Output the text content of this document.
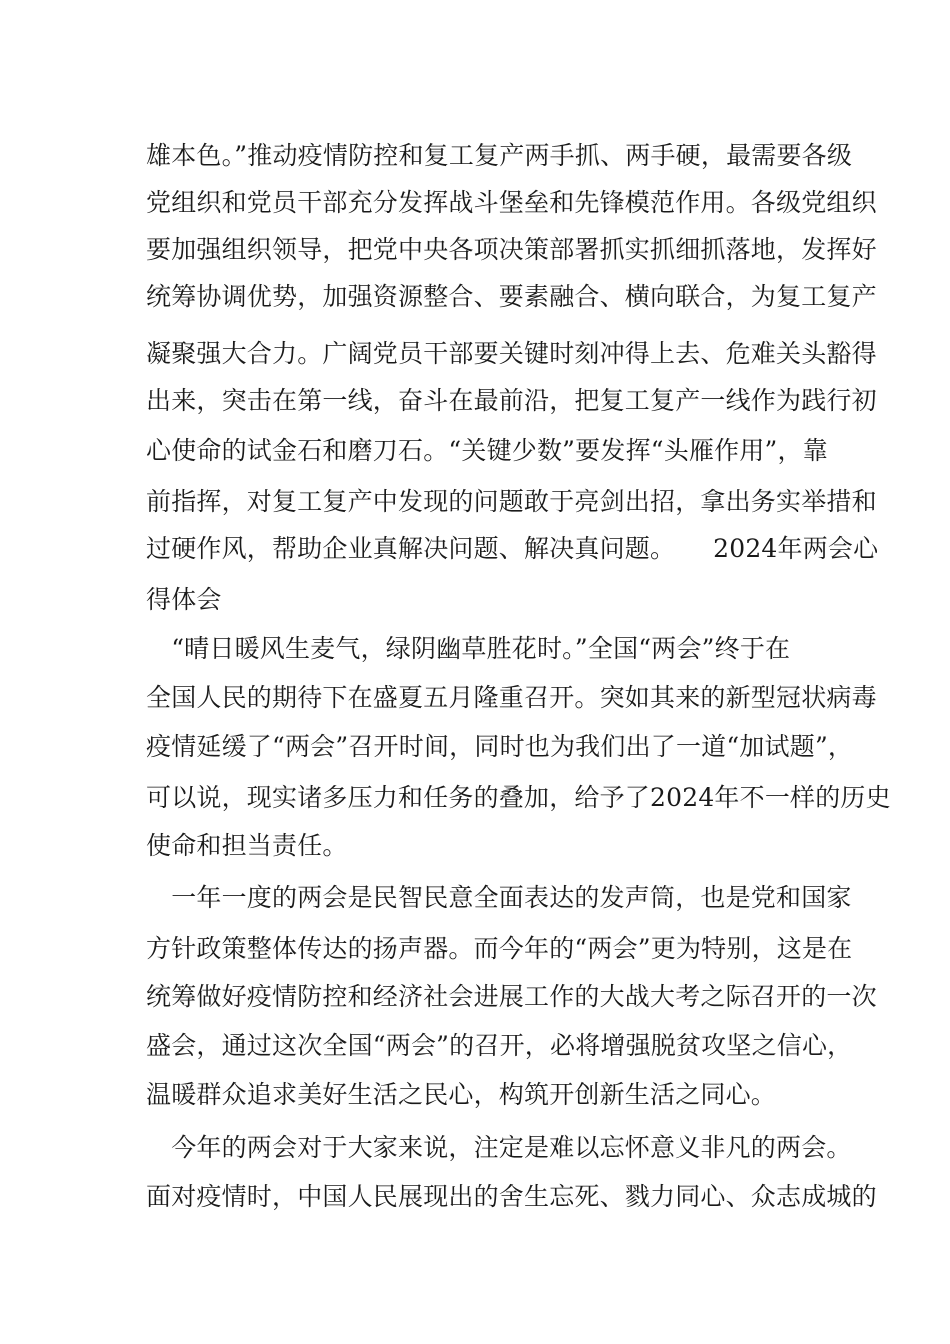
雄本色。”推动疫情防控和复工复产两手抓、两手硬，最需要各级
党组织和党员干部充分发挥战斗堡垒和先锋模范作用。各级党组织
要加强组织领导，把党中央各项决策部署抓实抓细抓落地，发挥好
统筹协调优势，加强资源整合、要素融合、横向联合，为复工复产
凝聚强大合力。广阔党员干部要关键时刻冲得上去、危难关头豁得
出来，突击在第一线，奋斗在最前沿，把复工复产一线作为践行初
心使命的试金石和磨刀石。“关键少数”要发挥“头雁作用”，靠
前指挥，对复工复产中发现的问题敢于亮剑出招，拿出务实举措和
过硬作风，帮助企业真解决问题、解决真问题。　　2024年两会心
得体会
　“晴日暖风生麦气，绿阴幽草胜花时。”全国“两会”终于在
全国人民的期待下在盛夏五月隆重召开。突如其来的新型冠状病毒
疫情延缓了“两会”召开时间，同时也为我们出了一道“加试题”，
可以说，现实诸多压力和任务的叠加，给予了2024年不一样的历史
使命和担当责任。
　一年一度的两会是民智民意全面表达的发声筒，也是党和国家
方针政策整体传达的扬声器。而今年的“两会”更为特别，这是在
统筹做好疫情防控和经济社会进展工作的大战大考之际召开的一次
盛会，通过这次全国“两会”的召开，必将增强脱贫攻坚之信心，
温暖群众追求美好生活之民心，构筑开创新生活之同心。
　今年的两会对于大家来说，注定是难以忘怀意义非凡的两会。
面对疫情时，中国人民展现出的舍生忘死、戮力同心、众志成城的
